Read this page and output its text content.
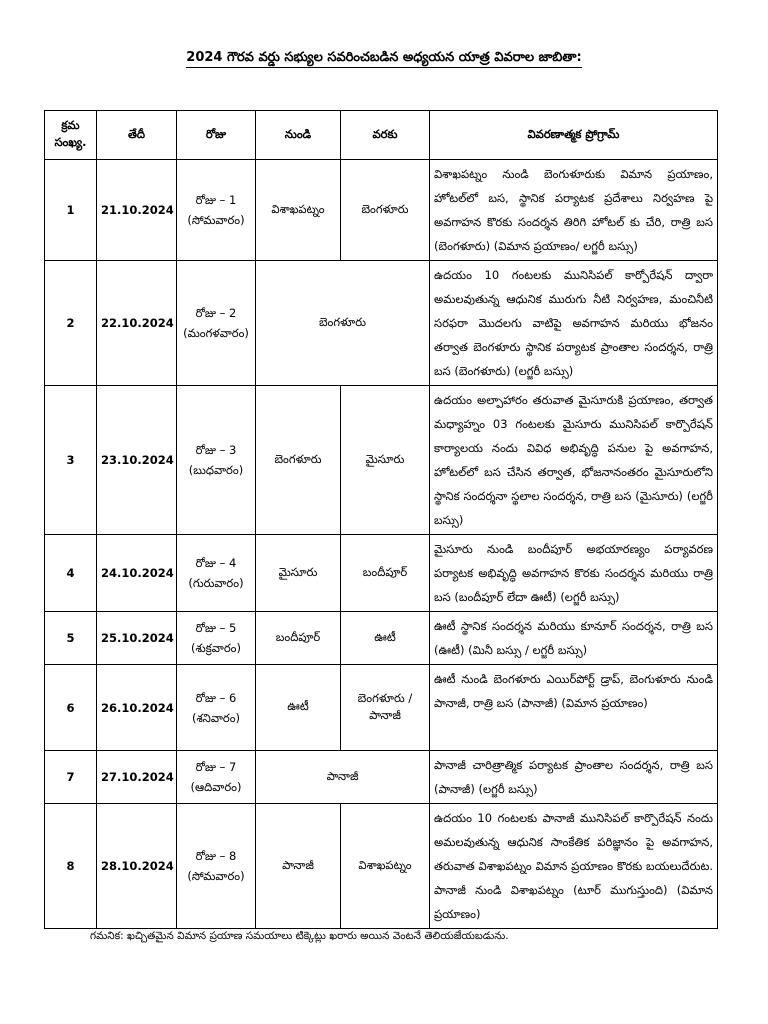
2024 గౌరవ వర్డు సభ్యుల సవరించబడిన అధ్యయన యాత్ర వివరాల జాబితా:
క్రమ సంఖ్య.	తేదీ	రోజు	నుండి	వరకు	వివరణాత్మక ప్రోగ్రామ్
1	21.10.2024	రోజు – 1
(సోమవారం)	విశాఖపట్నం	బెంగళూరు	విశాఖపట్నం నుండి బెంగుళూరుకు విమాన ప్రయాణం, హోటల్‌లో బస, స్థానిక పర్యాటక ప్రదేశాలు నిర్వహణ పై అవగాహన కొరకు సందర్శన తిరిగి హోటల్ కు చేరి, రాత్రి బస (బెంగళూరు) (విమాన ప్రయాణం/ లగ్జరీ బస్సు)
2	22.10.2024	రోజు – 2
(మంగళవారం)	బెంగళూరు		ఉదయం 10 గంటలకు మునిసిపల్ కార్పోరేషన్ ద్వారా అమలవుతున్న ఆధునిక మురుగు నీటి నిర్వహణ, మంచినీటి సరఫరా మొదలగు వాటిపై అవగాహన మరియు భోజనం తర్వాత బెంగళూరు స్థానిక పర్యాటక ప్రాంతాల సందర్శన, రాత్రి బస (బెంగళూరు) (లగ్జరీ బస్సు)
3	23.10.2024	రోజు – 3
(బుధవారం)	బెంగళూరు	మైసూరు	ఉదయం అల్పాహారం తరువాత మైసూరుకి ప్రయాణం, తర్వాత మధ్యాహ్నం 03 గంటలకు మైసూరు మునిసిపల్ కార్పొరేషన్ కార్యాలయ నందు వివిధ అభివృద్ధి పనుల పై అవగాహన, హోటల్‌లో బస చేసిన తర్వాత, భోజనానంతరం మైసూరులోని స్థానిక సందర్శనా స్థలాల సందర్శన, రాత్రి బస (మైసూరు) (లగ్జరీ బస్సు)
4	24.10.2024	రోజు – 4
(గురువారం)	మైసూరు	బందీపూర్	మైసూరు నుండి బందీపూర్ అభయారణ్యం పర్యావరణ పర్యాటక అభివృద్ధి అవగాహన కొరకు సందర్శన మరియు రాత్రి బస (బందీపూర్ లేదా ఊటీ) (లగ్జరీ బస్సు)
5	25.10.2024	రోజు – 5
(శుక్రవారం)	బందీపూర్	ఊటీ	ఊటీ స్థానిక సందర్శన మరియు కూనూర్ సందర్శన, రాత్రి బస (ఊటీ) (మినీ బస్సు / లగ్జరీ బస్సు)
6	26.10.2024	రోజు – 6
(శనివారం)	ఊటీ	బెంగళూరు / పానాజీ	ఊటీ నుండి బెంగళూరు ఎయిర్‌పోర్ట్ డ్రాప్, బెంగుళూరు నుండి పానాజీ, రాత్రి బస (పానాజీ) (విమాన ప్రయాణం)
7	27.10.2024	రోజు – 7
(ఆదివారం)	పానాజీ		పానాజీ చారిత్రాత్మిక పర్యాటక ప్రాంతాల సందర్శన, రాత్రి బస (పానాజీ) (లగ్జరీ బస్సు)
8	28.10.2024	రోజు – 8
(సోమవారం)	పానాజీ	విశాఖపట్నం	ఉదయం 10 గంటలకు పానాజీ మునిసిపల్ కార్పొరేషన్ నందు అమలవుతున్న ఆధునిక సాంకేతిక పరిజ్ఞానం పై అవగాహన, తరువాత విశాఖపట్నం విమాన ప్రయాణం కొరకు బయలుదేరుట. పానాజీ నుండి విశాఖపట్నం (టూర్ ముగుస్తుంది) (విమాన ప్రయాణం)
గమనిక: ఖచ్చితమైన విమాన ప్రయాణ సమయాలు టిక్కెట్లు ఖరారు అయిన వెంటనే తెలియజేయబడును.
